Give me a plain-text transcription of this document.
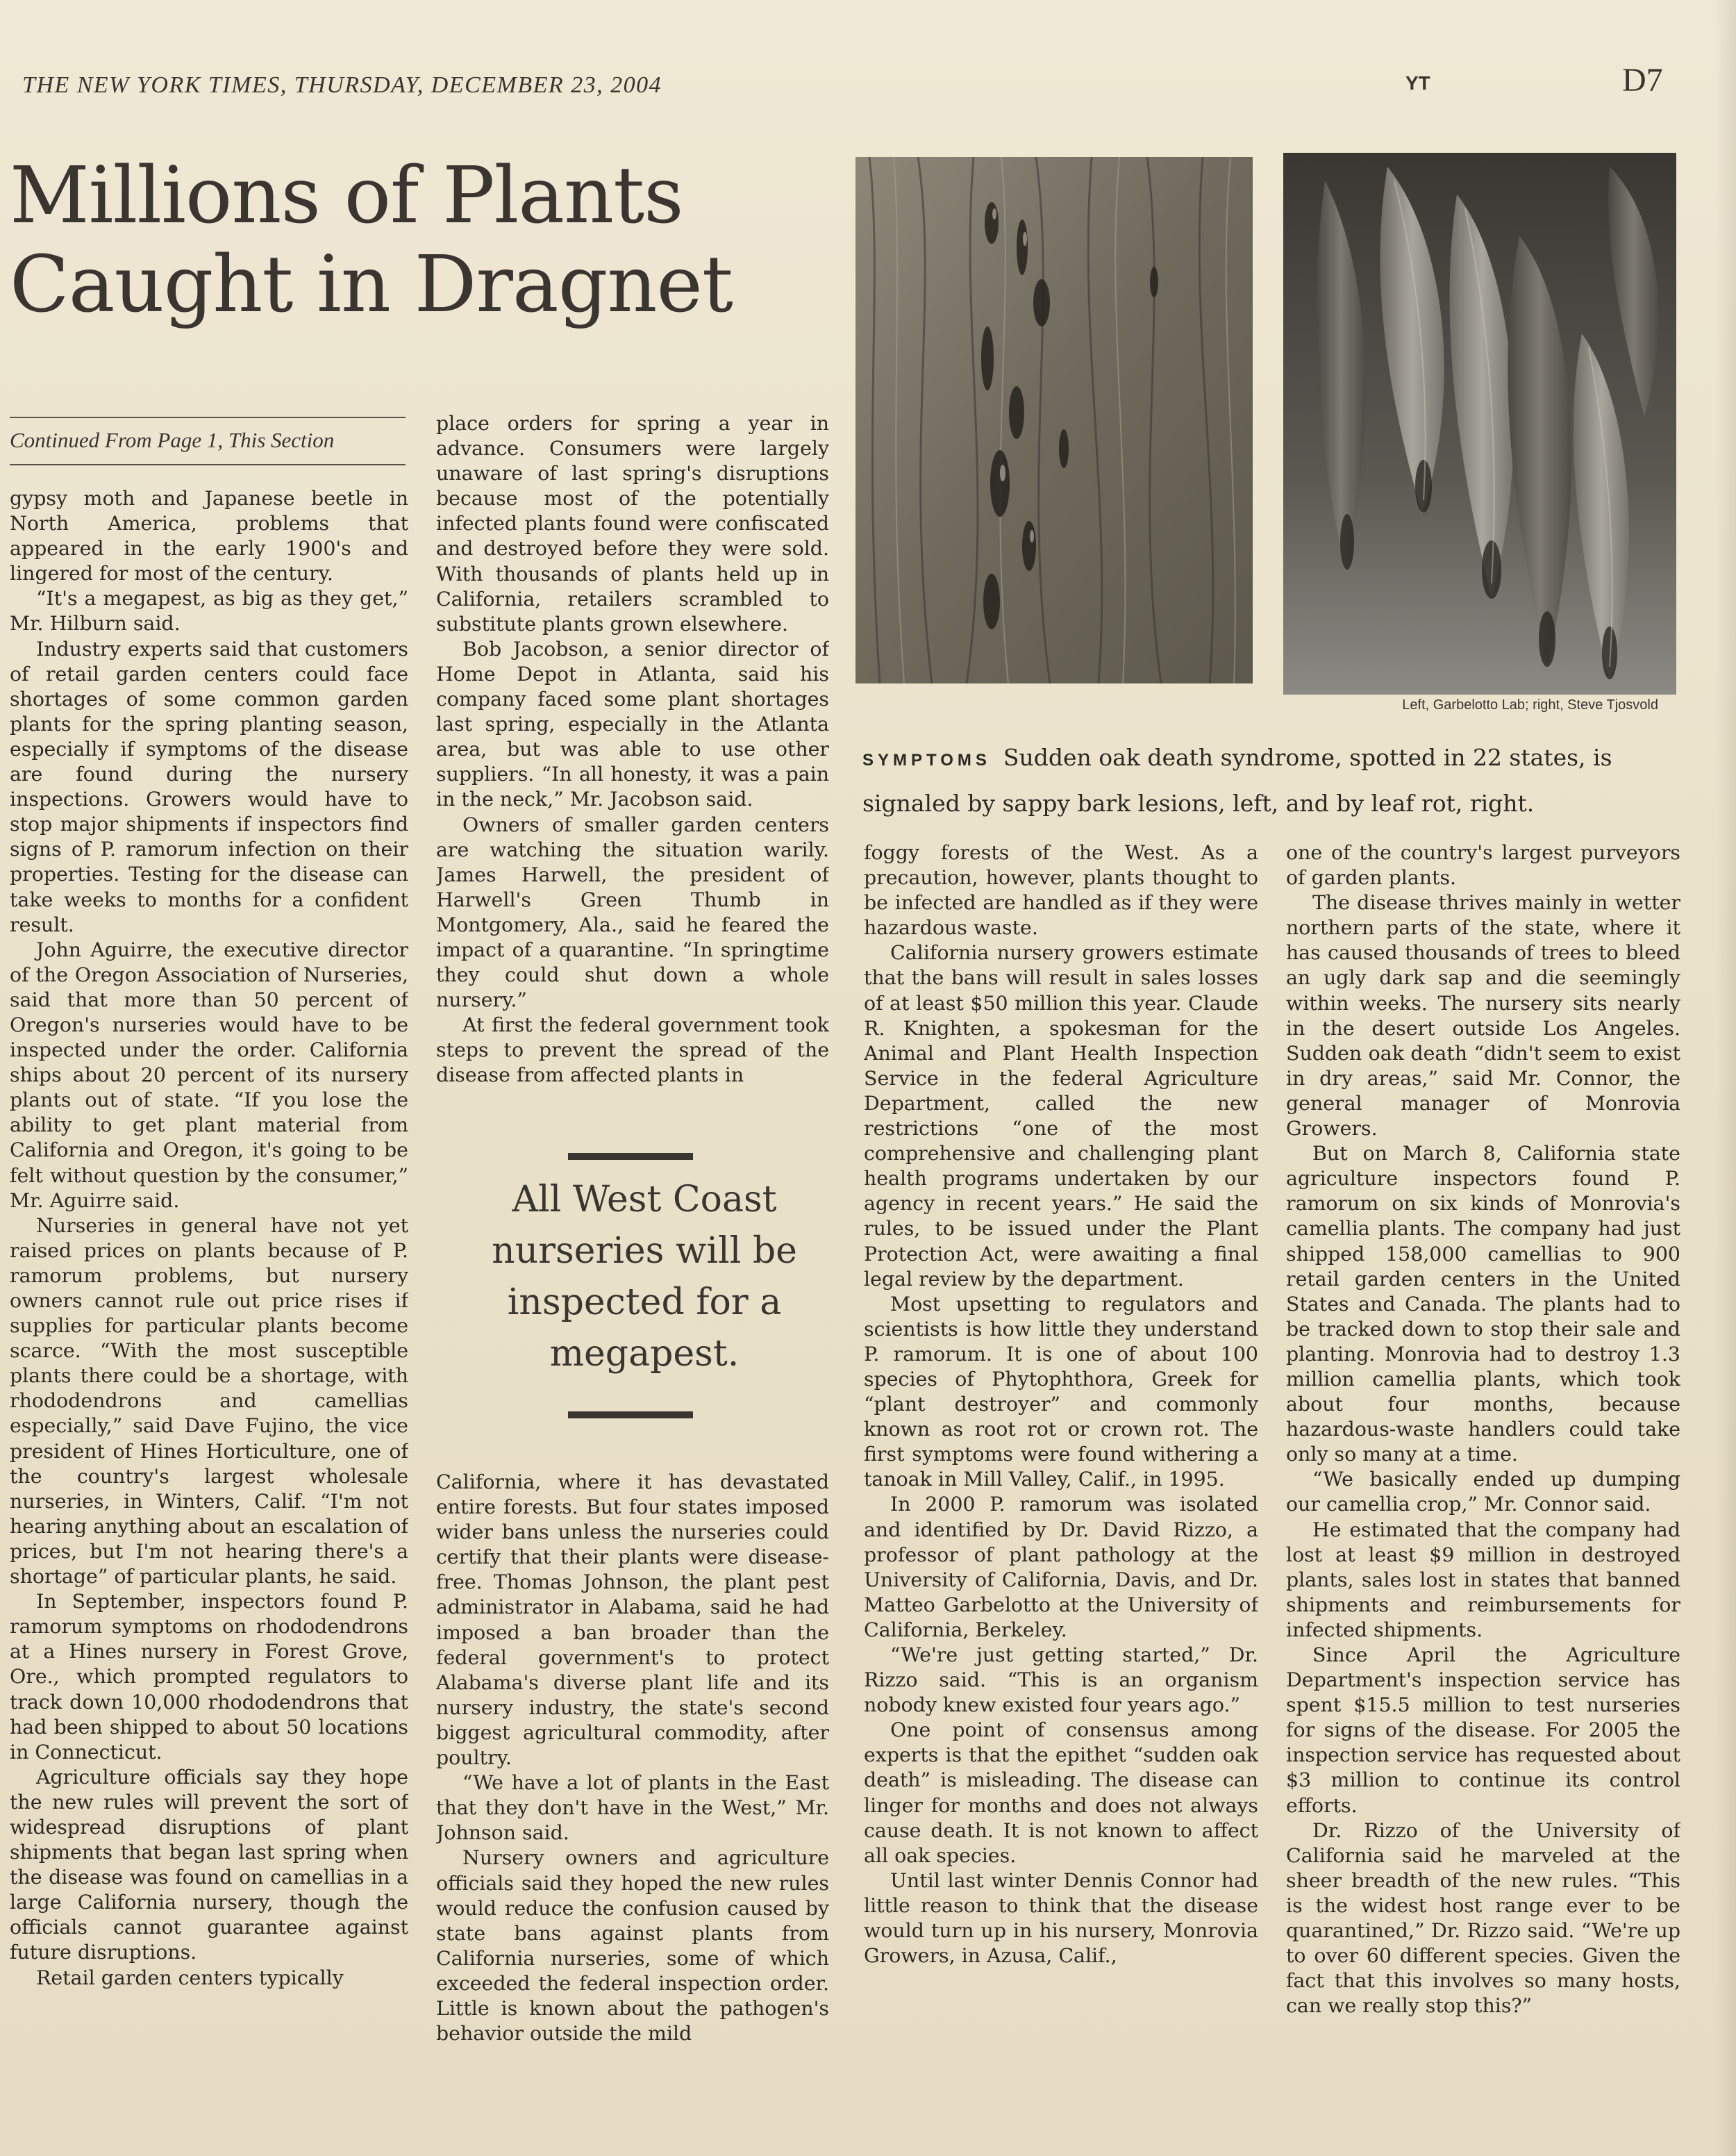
THE NEW YORK TIMES, THURSDAY, DECEMBER 23, 2004	YT	D7
Millions of Plants
Caught in Dragnet
Continued From Page 1, This Section

gypsy moth and Japanese beetle in North America, problems that appeared in the early 1900's and lingered for most of the century.

“It's a megapest, as big as they get,” Mr. Hilburn said.

Industry experts said that customers of retail garden centers could face shortages of some common garden plants for the spring planting season, especially if symptoms of the disease are found during the nursery inspections. Growers would have to stop major shipments if inspectors find signs of P. ramorum infection on their properties. Testing for the disease can take weeks to months for a confident result.

John Aguirre, the executive director of the Oregon Association of Nurseries, said that more than 50 percent of Oregon's nurseries would have to be inspected under the order. California ships about 20 percent of its nursery plants out of state. “If you lose the ability to get plant material from California and Oregon, it's going to be felt without question by the consumer,” Mr. Aguirre said.

Nurseries in general have not yet raised prices on plants because of P. ramorum problems, but nursery owners cannot rule out price rises if supplies for particular plants become scarce. “With the most susceptible plants there could be a shortage, with rhododendrons and camellias especially,” said Dave Fujino, the vice president of Hines Horticulture, one of the country's largest wholesale nurseries, in Winters, Calif. “I'm not hearing anything about an escalation of prices, but I'm not hearing there's a shortage” of particular plants, he said.

In September, inspectors found P. ramorum symptoms on rhododendrons at a Hines nursery in Forest Grove, Ore., which prompted regulators to track down 10,000 rhododendrons that had been shipped to about 50 locations in Connecticut.

Agriculture officials say they hope the new rules will prevent the sort of widespread disruptions of plant shipments that began last spring when the disease was found on camellias in a large California nursery, though the officials cannot guarantee against future disruptions.

Retail garden centers typically

place orders for spring a year in advance. Consumers were largely unaware of last spring's disruptions because most of the potentially infected plants found were confiscated and destroyed before they were sold. With thousands of plants held up in California, retailers scrambled to substitute plants grown elsewhere.

Bob Jacobson, a senior director of Home Depot in Atlanta, said his company faced some plant shortages last spring, especially in the Atlanta area, but was able to use other suppliers. “In all honesty, it was a pain in the neck,” Mr. Jacobson said.

Owners of smaller garden centers are watching the situation warily. James Harwell, the president of Harwell's Green Thumb in Montgomery, Ala., said he feared the impact of a quarantine. “In springtime they could shut down a whole nursery.”

At first the federal government took steps to prevent the spread of the disease from affected plants in

All West Coast nurseries will be inspected for a megapest.

California, where it has devastated entire forests. But four states imposed wider bans unless the nurseries could certify that their plants were disease-free. Thomas Johnson, the plant pest administrator in Alabama, said he had imposed a ban broader than the federal government's to protect Alabama's diverse plant life and its nursery industry, the state's second biggest agricultural commodity, after poultry.

“We have a lot of plants in the East that they don't have in the West,” Mr. Johnson said.

Nursery owners and agriculture officials said they hoped the new rules would reduce the confusion caused by state bans against plants from California nurseries, some of which exceeded the federal inspection order. Little is known about the pathogen's behavior outside the mild

Left, Garbelotto Lab; right, Steve Tjosvold
SYMPTOMS Sudden oak death syndrome, spotted in 22 states, is signaled by sappy bark lesions, left, and by leaf rot, right.

foggy forests of the West. As a precaution, however, plants thought to be infected are handled as if they were hazardous waste.

California nursery growers estimate that the bans will result in sales losses of at least $50 million this year. Claude R. Knighten, a spokesman for the Animal and Plant Health Inspection Service in the federal Agriculture Department, called the new restrictions “one of the most comprehensive and challenging plant health programs undertaken by our agency in recent years.” He said the rules, to be issued under the Plant Protection Act, were awaiting a final legal review by the department.

Most upsetting to regulators and scientists is how little they understand P. ramorum. It is one of about 100 species of Phytophthora, Greek for “plant destroyer” and commonly known as root rot or crown rot. The first symptoms were found withering a tanoak in Mill Valley, Calif., in 1995.

In 2000 P. ramorum was isolated and identified by Dr. David Rizzo, a professor of plant pathology at the University of California, Davis, and Dr. Matteo Garbelotto at the University of California, Berkeley.

“We're just getting started,” Dr. Rizzo said. “This is an organism nobody knew existed four years ago.”

One point of consensus among experts is that the epithet “sudden oak death” is misleading. The disease can linger for months and does not always cause death. It is not known to affect all oak species.

Until last winter Dennis Connor had little reason to think that the disease would turn up in his nursery, Monrovia Growers, in Azusa, Calif.,

one of the country's largest purveyors of garden plants.

The disease thrives mainly in wetter northern parts of the state, where it has caused thousands of trees to bleed an ugly dark sap and die seemingly within weeks. The nursery sits nearly in the desert outside Los Angeles. Sudden oak death “didn't seem to exist in dry areas,” said Mr. Connor, the general manager of Monrovia Growers.

But on March 8, California state agriculture inspectors found P. ramorum on six kinds of Monrovia's camellia plants. The company had just shipped 158,000 camellias to 900 retail garden centers in the United States and Canada. The plants had to be tracked down to stop their sale and planting. Monrovia had to destroy 1.3 million camellia plants, which took about four months, because hazardous-waste handlers could take only so many at a time.

“We basically ended up dumping our camellia crop,” Mr. Connor said.

He estimated that the company had lost at least $9 million in destroyed plants, sales lost in states that banned shipments and reimbursements for infected shipments.

Since April the Agriculture Department's inspection service has spent $15.5 million to test nurseries for signs of the disease. For 2005 the inspection service has requested about $3 million to continue its control efforts.

Dr. Rizzo of the University of California said he marveled at the sheer breadth of the new rules. “This is the widest host range ever to be quarantined,” Dr. Rizzo said. “We're up to over 60 different species. Given the fact that this involves so many hosts, can we really stop this?”
